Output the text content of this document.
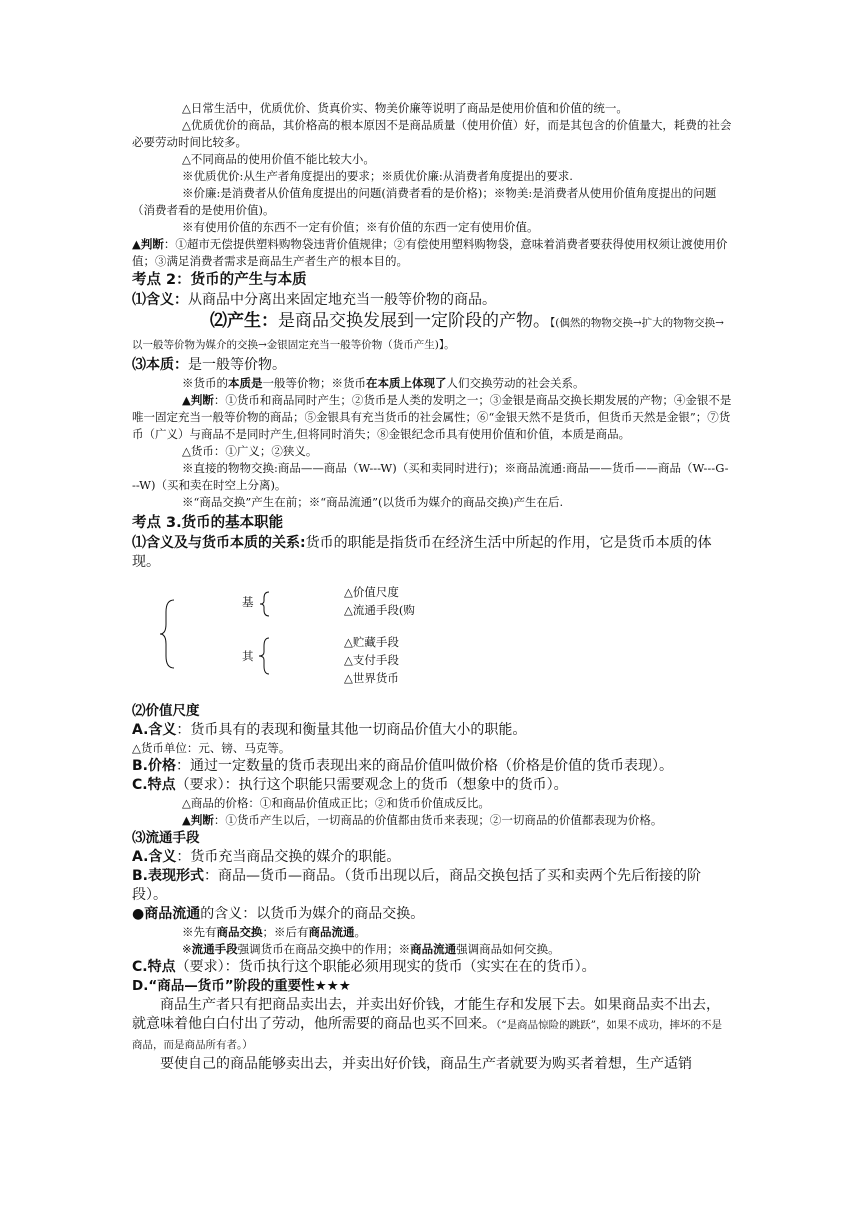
△日常生活中，优质优价、货真价实、物美价廉等说明了商品是使用价值和价值的统一。
△优质优价的商品，其价格高的根本原因不是商品质量（使用价值）好，而是其包含的价值量大，耗费的社会必要劳动时间比较多。
△不同商品的使用价值不能比较大小。
※优质优价:从生产者角度提出的要求；※质优价廉:从消费者角度提出的要求.
※价廉:是消费者从价值角度提出的问题(消费者看的是价格)；※物美:是消费者从使用价值角度提出的问题（消费者看的是使用价值)。
※有使用价值的东西不一定有价值；※有价值的东西一定有使用价值。
▲判断：①超市无偿提供塑料购物袋违背价值规律；②有偿使用塑料购物袋，意味着消费者要获得使用权须让渡使用价值；③满足消费者需求是商品生产者生产的根本目的。
考点 2：货币的产生与本质
⑴含义：从商品中分离出来固定地充当一般等价物的商品。
⑵产生：是商品交换发展到一定阶段的产物。【(偶然的物物交换→扩大的物物交换→以一般等价物为媒介的交换→金银固定充当一般等价物（货币产生)】。
⑶本质：是一般等价物。
※货币的本质是一般等价物；※货币在本质上体现了人们交换劳动的社会关系。
▲判断：①货币和商品同时产生；②货币是人类的发明之一；③金银是商品交换长期发展的产物；④金银不是唯一固定充当一般等价物的商品；⑤金银具有充当货币的社会属性；⑥“金银天然不是货币，但货币天然是金银”；⑦货币（广义）与商品不是同时产生,但将同时消失；⑧金银纪念币具有使用价值和价值，本质是商品。
△货币：①广义；②狭义。
※直接的物物交换:商品——商品（W---W)（买和卖同时进行)；※商品流通:商品——货币——商品（W---G---W)（买和卖在时空上分离)。
※“商品交换”产生在前；※“商品流通”(以货币为媒介的商品交换)产生在后.
考点 3.货币的基本职能
⑴含义及与货币本质的关系:货币的职能是指货币在经济生活中所起的作用，它是货币本质的体现。
基
其
△价值尺度
△流通手段(购
△贮藏手段
△支付手段
△世界货币
⑵价值尺度
A.含义：货币具有的表现和衡量其他一切商品价值大小的职能。
△货币单位：元、镑、马克等。
B.价格：通过一定数量的货币表现出来的商品价值叫做价格（价格是价值的货币表现）。
C.特点（要求）：执行这个职能只需要观念上的货币（想象中的货币）。
△商品的价格：①和商品价值成正比；②和货币价值成反比。
▲判断：①货币产生以后，一切商品的价值都由货币来表现；②一切商品的价值都表现为价格。
⑶流通手段
A.含义：货币充当商品交换的媒介的职能。
B.表现形式：商品—货币—商品。（货币出现以后，商品交换包括了买和卖两个先后衔接的阶段）。
●商品流通的含义：以货币为媒介的商品交换。
※先有商品交换；※后有商品流通。
※流通手段强调货币在商品交换中的作用；※商品流通强调商品如何交换。
C.特点（要求）：货币执行这个职能必须用现实的货币（实实在在的货币）。
D.“商品—货币”阶段的重要性★★★
商品生产者只有把商品卖出去，并卖出好价钱，才能生存和发展下去。如果商品卖不出去，就意味着他白白付出了劳动，他所需要的商品也买不回来。（“是商品惊险的跳跃”，如果不成功，摔坏的不是商品，而是商品所有者。）
要使自己的商品能够卖出去，并卖出好价钱，商品生产者就要为购买者着想，生产适销
